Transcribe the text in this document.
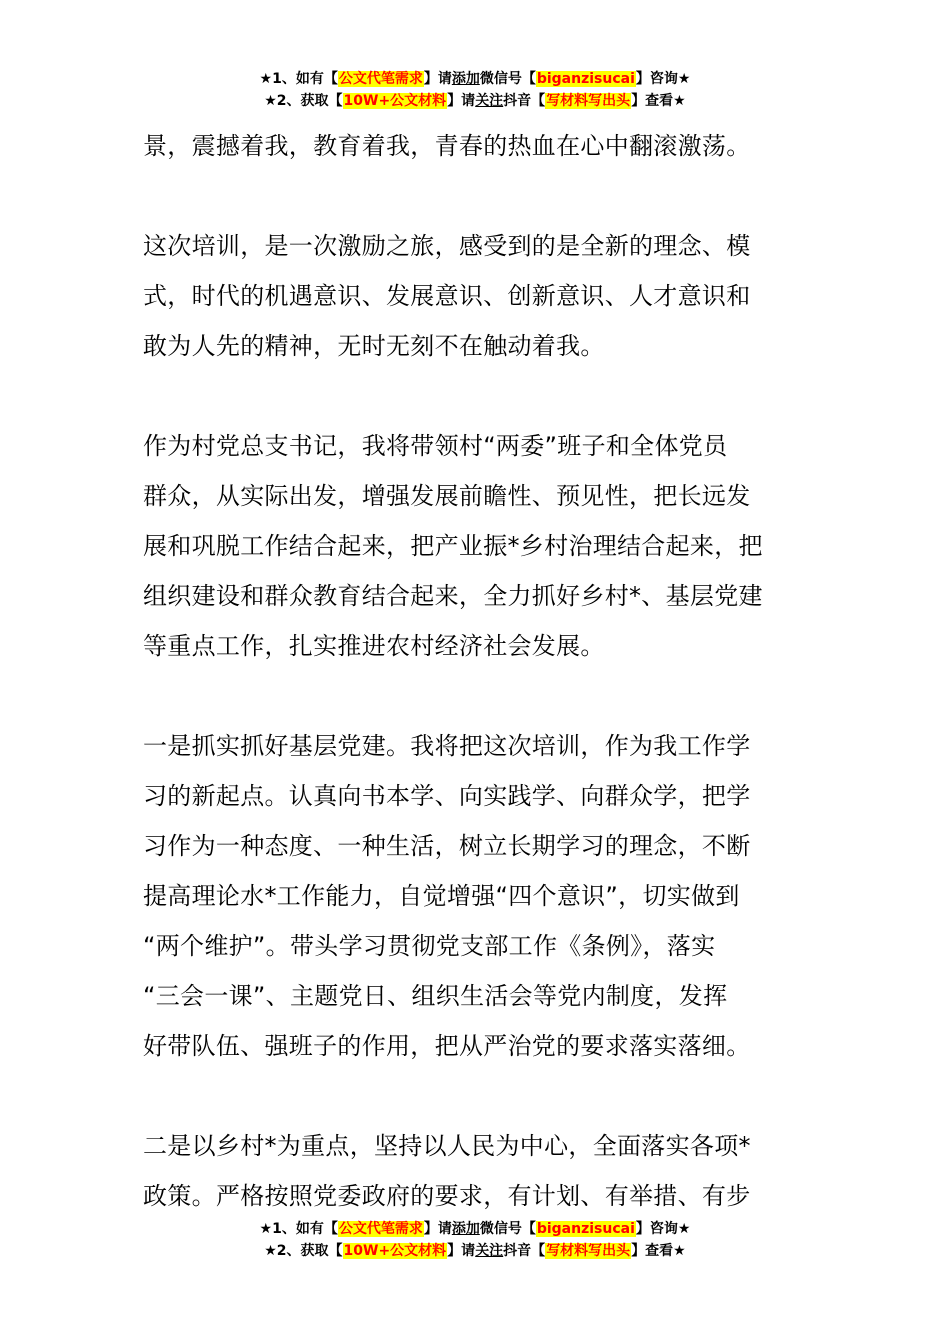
★1、如有【公文代笔需求】请添加微信号【biganzisucai】咨询★
★2、获取【10W+公文材料】请关注抖音【写材料写出头】查看★
景，震撼着我，教育着我，青春的热血在心中翻滚激荡。
这次培训，是一次激励之旅，感受到的是全新的理念、模
式，时代的机遇意识、发展意识、创新意识、人才意识和
敢为人先的精神，无时无刻不在触动着我。
作为村党总支书记，我将带领村“两委”班子和全体党员
群众，从实际出发，增强发展前瞻性、预见性，把长远发
展和巩脱工作结合起来，把产业振*乡村治理结合起来，把
组织建设和群众教育结合起来，全力抓好乡村*、基层党建
等重点工作，扎实推进农村经济社会发展。
一是抓实抓好基层党建。我将把这次培训，作为我工作学
习的新起点。认真向书本学、向实践学、向群众学，把学
习作为一种态度、一种生活，树立长期学习的理念，不断
提高理论水*工作能力，自觉增强“四个意识”，切实做到
“两个维护”。带头学习贯彻党支部工作《条例》，落实
“三会一课”、主题党日、组织生活会等党内制度，发挥
好带队伍、强班子的作用，把从严治党的要求落实落细。
二是以乡村*为重点，坚持以人民为中心，全面落实各项*
政策。严格按照党委政府的要求，有计划、有举措、有步
★1、如有【公文代笔需求】请添加微信号【biganzisucai】咨询★
★2、获取【10W+公文材料】请关注抖音【写材料写出头】查看★
